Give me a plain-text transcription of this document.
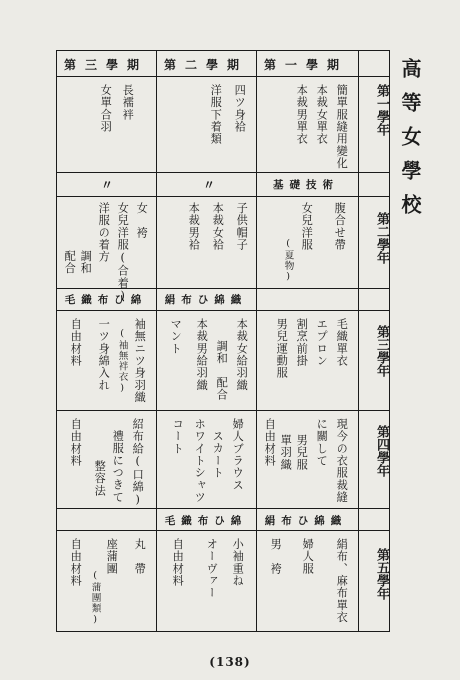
高等女學校
第一學期
第二學期
第三學期
第一學年
第二學年
第三學年
第四學年
第五學年
簡單服縫用變化
本裁女單衣
本裁男單衣
四ツ身袷
洋服下着類
長襦袢
女單合羽
基礎技術
〃
〃
腹合せ帶
女兒洋服
(夏物)
子供帽子
本裁女袷
本裁男袷
女　袴
女兒洋服(合着)
洋服の着方
調和
配合
絹布ひ綿織
毛織布ひ綿
毛織單衣
エプロン
割烹前掛
男兒運動服
本裁女給羽織
調和　配合
本裁男給羽織
マント
袖無ニツ身羽織
(袖無袢衣)
一ツ身綿入れ
自由材料
現今の衣服裁縫
に關して
男兒服
單羽織
自由材料
婦人ブラウス
スカート
ホワイトシャツ
コート
紹布給(口綿)
禮服につきて
整容法
自由材料
絹布ひ綿織
毛織布ひ綿
絹布、麻布單衣
婦人服
男　袴
小袖重ね
オーヴァー
自由材料
丸　帶
座蒲團
(蒲團類)
自由材料
(138)
